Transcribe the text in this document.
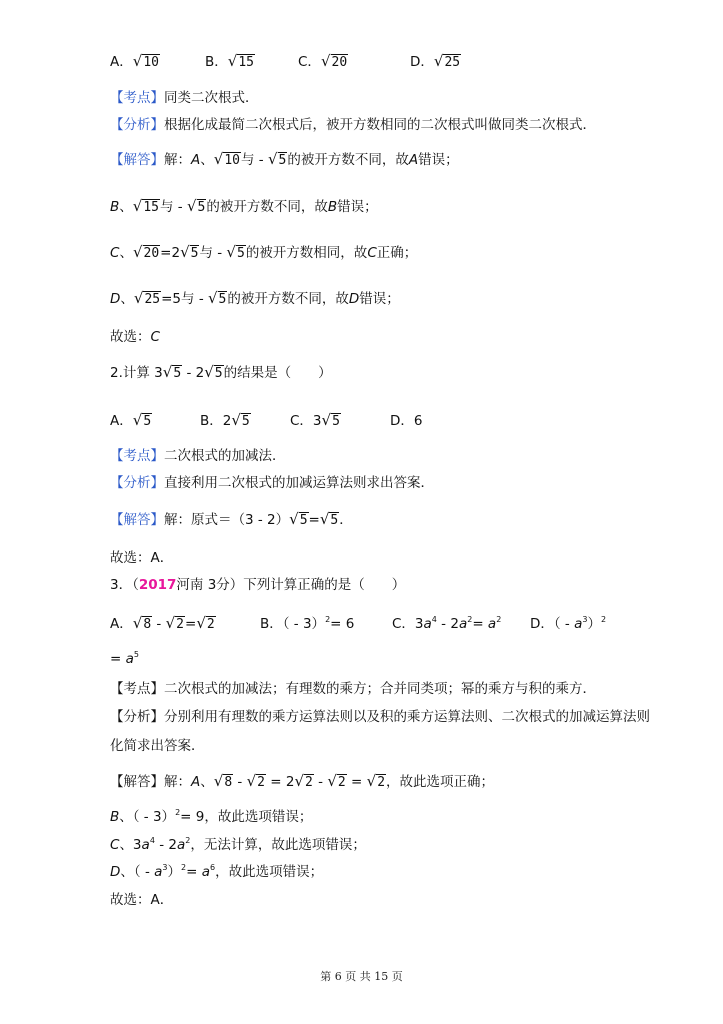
A．√10	B．√15	C．√20	D．√25
【考点】同类二次根式．
【分析】根据化成最简二次根式后，被开方数相同的二次根式叫做同类二次根式．
【解答】解：A、√10与 - √5的被开方数不同，故A错误；
B、√15与 - √5的被开方数不同，故B错误；
C、√20=2√5与 - √5的被开方数相同，故C正确；
D、√25=5与 - √5的被开方数不同，故D错误；
故选：C
2.计算 3√5 - 2√5的结果是（　　）
A．√5	B．2√5	C．3√5	D．6
【考点】二次根式的加减法．
【分析】直接利用二次根式的加减运算法则求出答案．
【解答】解：原式＝（3 - 2）√5=√5．
故选：A．
3．（2017河南 3分）下列计算正确的是（　　）
A．√8 - √2=√2	B．（ - 3）$^2$= 6	C．$3a^4 - 2a^2= a^2$ D．（ - $a^3)^2$
= $a^5$
【考点】二次根式的加减法；有理数的乘方；合并同类项；幂的乘方与积的乘方．
【分析】分别利用有理数的乘方运算法则以及积的乘方运算法则、二次根式的加减运算法则
化简求出答案．
【解答】解：A、√8 - √2 = 2√2 - √2 = √2，故此选项正确；
B、（ - 3）$^2$= 9，故此选项错误；
C、$3a^4 - 2a^2$，无法计算，故此选项错误；
D、（ - $a^3)^2= a^6$，故此选项错误；
故选：A．
第 6 页 共 15 页
